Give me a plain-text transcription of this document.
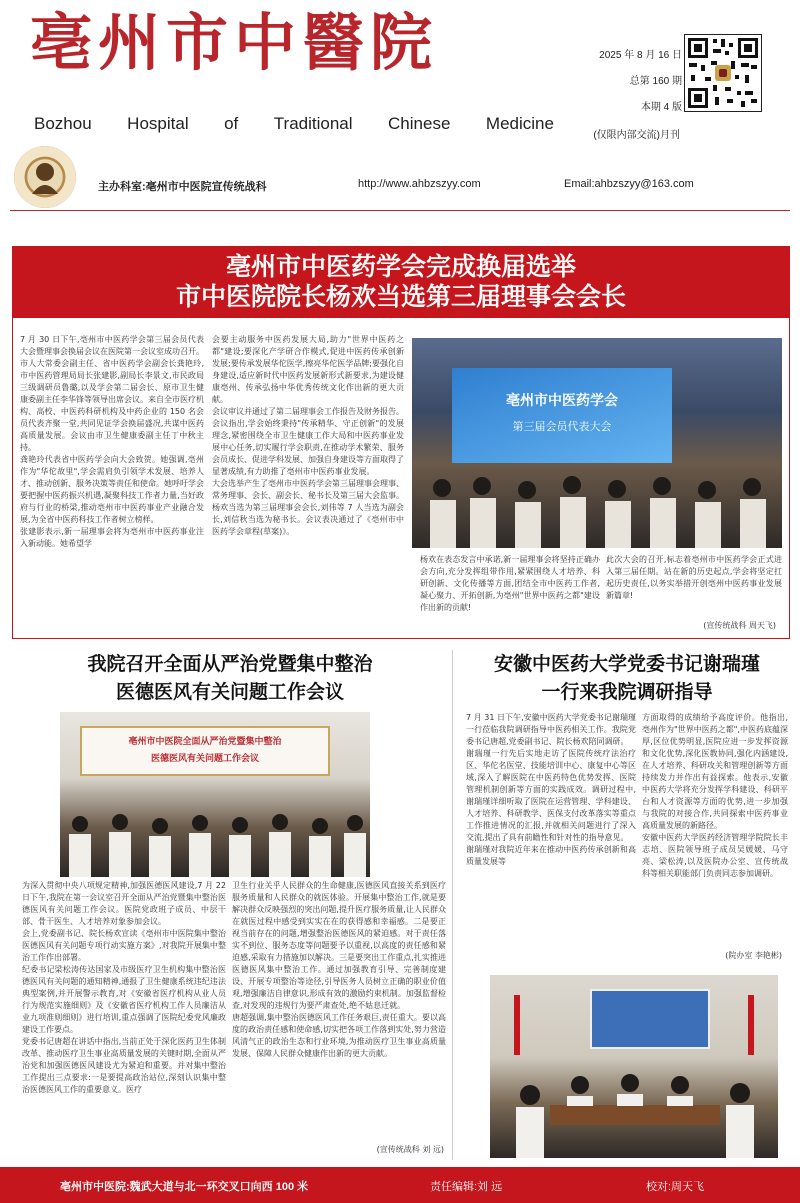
亳州市中醫院
Bozhou Hospital of Traditional Chinese Medicine
2025 年 8 月 16 日
总第 160 期
本期 4 版
(仅限内部交流)月刊
主办科室:亳州市中医院宣传统战科	http://www.ahbzszyy.com	Email:ahbzszyy@163.com
亳州市中医药学会完成换届选举
市中医院院长杨欢当选第三届理事会会长
7 月 30 日下午,亳州市中医药学会第三届会员代表大会暨理事会换届会议在医院第一会议室成功召开。
市人大常委会副主任、省中医药学会副会长龚艳玲,市中医药管理局局长张建影,副局长李景文,市民政局三级调研员鲁璐,以及学会第二届会长、原市卫生健康委副主任李华锋等领导出席会议。来自全市医疗机构、高校、中医药科研机构及中药企业的 150 名会员代表齐聚一堂,共同见证学会换届盛况,共谋中医药高质量发展。会议由市卫生健康委副主任丁中秋主持。
龚艳玲代表省中医药学会向大会致贺。她强调,亳州作为"华佗故里",学会需肩负引领学术发展、培养人才、推动创新、服务决策等责任和使命。她呼吁学会要把握中医药振兴机遇,凝聚科技工作者力量,当好政府与行业的桥梁,推动亳州市中医药事业产业融合发展,为全省中医药科技工作者树立榜样。
张建影表示,新一届理事会将为亳州市中医药事业注入新动能。她希望学
会要主动服务中医药发展大局,助力"世界中医药之都"建设;要深化产学研合作模式,促进中医药传承创新发展;要传承发展华佗医学,擦亮华佗医学品牌;要强化自身建设,适应新时代中医药发展新形式新要求,为建设健康亳州、传承弘扬中华优秀传统文化作出新的更大贡献。
会议审议并通过了第二届理事会工作报告及财务报告。会议指出,学会始终秉持"传承精华、守正创新"的发展理念,紧密围绕全市卫生健康工作大局和中医药事业发展中心任务,切实履行学会职责,在推动学术繁荣、服务会员成长、促进学科发展、加强自身建设等方面取得了显著成绩,有力助推了亳州市中医药事业发展。
大会选举产生了亳州市中医药学会第三届理事会理事、常务理事、会长、副会长、秘书长及第三届大会监事。杨欢当选为第三届理事会会长,刘伟等 7 人当选为副会长,刘信秋当选为秘书长。会议表决通过了《亳州市中医药学会章程(草案)》。
亳州市中医药学会
第三届会员代表大会
杨欢在表态发言中承诺,新一届理事会将坚持正确办会方向,充分发挥组带作用,紧紧围绕人才培养、科研创新、文化传播等方面,团结全市中医药工作者,凝心聚力、开拓创新,为亳州"世界中医药之都"建设作出新的贡献!
此次大会的召开,标志着亳州市中医药学会正式进入第三届任期。站在新的历史起点,学会将坚定扛起历史责任,以务实举措开创亳州中医药事业发展新篇章!
(宣传统战科 周天飞)
我院召开全面从严治党暨集中整治
医德医风有关问题工作会议
亳州市中医院全面从严治党暨集中整治
医德医风有关问题工作会议
为深入贯彻中央八项规定精神,加强医德医风建设,7 月 22 日下午,我院在第一会议室召开全面从严治党暨集中整治医德医风有关问题工作会议。医院党政班子成员、中层干部、骨干医生、人才培养对象参加会议。
会上,党委副书记、院长杨欢宣读《亳州市中医院集中整治医德医风有关问题专项行动实施方案》,对我院开展集中整治工作作出部署。
纪委书记梁松涛传达国家及市级医疗卫生机构集中整治医德医风有关问题的通知精神,通报了卫生健康系统违纪违法典型案例,并开展警示教育,对《安徽省医疗机构从业人员行为规范实施细则》及《安徽省医疗机构工作人员廉洁从业九项准则细则》进行培训,重点强调了医院纪委党风廉政建设工作要点。
党委书记唐超在讲话中指出,当前正处于深化医药卫生体制改革、推动医疗卫生事业高质量发展的关键时期,全面从严治党和加强医德医风建设尤为紧迫和重要。并对集中整治工作提出三点要求:一是要提高政治站位,深刻认识集中整治医德医风工作的重要意义。医疗
卫生行业关乎人民群众的生命健康,医德医风直接关系到医疗服务质量和人民群众的就医体验。开展集中整治工作,就是要解决群众反映强烈的突出问题,提升医疗服务质量,让人民群众在就医过程中感受到实实在在的获得感和幸福感。二是要正视当前存在的问题,增强整治医德医风的紧迫感。对于责任落实不到位、服务态度等问题要予以重视,以高度的责任感和紧迫感,采取有力措施加以解决。三是要突出工作重点,扎实推进医德医风集中整治工作。通过加强教育引导、完善制度建设、开展专项整治等途径,引导医务人员树立正确的职业价值观,增强廉洁自律意识,形成有效的激励约束机制。加强监督检查,对发现的违规行为要严肃查处,绝不姑息迁就。
唐超强调,集中整治医德医风工作任务艰巨,责任重大。要以高度的政治责任感和使命感,切实把各项工作落到实处,努力营造风清气正的政治生态和行业环境,为推动医疗卫生事业高质量发展、保障人民群众健康作出新的更大贡献。
(宣传统战科 刘 远)
安徽中医药大学党委书记谢瑞瑾
一行来我院调研指导
7 月 31 日下午,安徽中医药大学党委书记谢瑞瑾一行莅临我院调研指导中医药相关工作。我院党委书记唐超,党委副书记、院长杨欢陪同调研。
谢瑞瑾一行先后实地走访了医院传统疗法治疗区、华佗名医堂、技能培训中心、康复中心等区域,深入了解医院在中医药特色优势发挥、医院管理机制创新等方面的实践成效。调研过程中,谢瑞瑾详细听取了医院在运营管理、学科建设、人才培养、科研教学、医保支付改革落实等重点工作推进情况的汇报,并就相关问题进行了深入交流,提出了具有前瞻性和针对性的指导意见。
谢瑞瑾对我院近年来在推动中医药传承创新和高质量发展等
方面取得的成绩给予高度评价。他指出,亳州作为"世界中医药之都",中医药底蕴深厚,区位优势明显,医院应进一步发挥资源和文化优势,深化医教协同,强化内涵建设,在人才培养、科研攻关和管理创新等方面持续发力并作出有益探索。他表示,安徽中医药大学将充分发挥学科建设、科研平台和人才资源等方面的优势,进一步加强与我院的对接合作,共同探索中医药事业高质量发展的新路径。
安徽中医药大学医药经济管理学院院长丰志培、医院领导班子成员吴媛媛、马守亮、梁松涛,以及医院办公室、宣传统战科等相关职能部门负责同志参加调研。
(院办室 李艳彬)
亳州市中医院:魏武大道与北一环交叉口向西 100 米	责任编辑:刘 远	校对:周天飞
